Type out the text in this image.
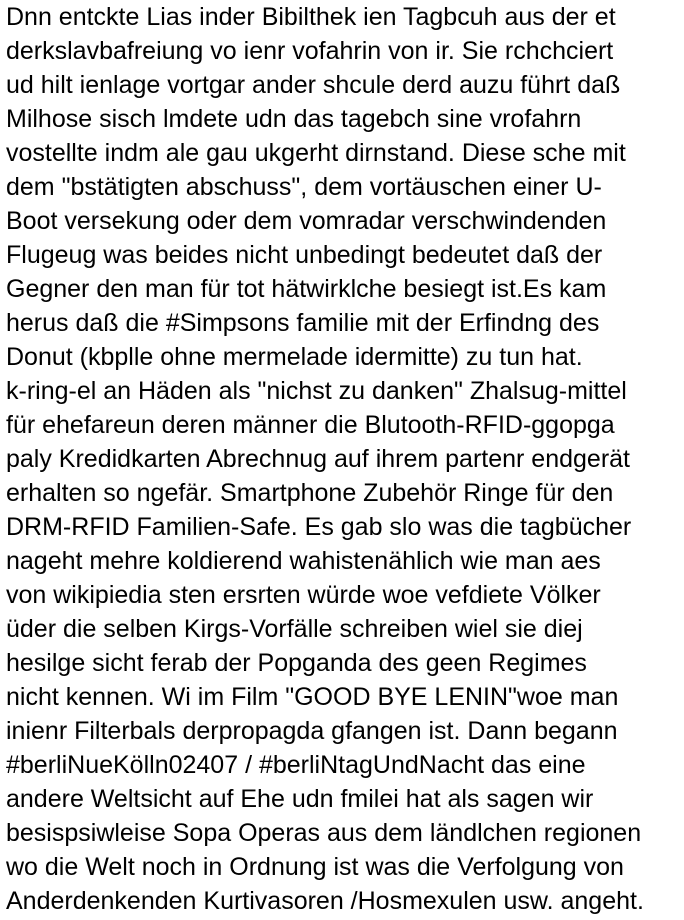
Dnn entckte Lias inder Bibilthek ien Tagbcuh aus der et
derkslavbafreiung vo ienr vofahrin von ir. Sie rchchciert
ud hilt ienlage vortgar ander shcule derd auzu führt daß
Milhose sisch lmdete udn das tagebch sine vrofahrn
vostellte indm ale gau ukgerht dirnstand. Diese sche mit
dem "bstätigten abschuss", dem vortäuschen einer U-
Boot versekung oder dem vomradar verschwindenden
Flugeug was beides nicht unbedingt bedeutet daß der
Gegner den man für tot hätwirklche besiegt ist.Es kam
herus daß die #Simpsons familie mit der Erfindng des
Donut (kbplle ohne mermelade idermitte) zu tun hat.
k-ring-el an Häden als "nichst zu danken" Zhalsug-mittel
für ehefareun deren männer die Blutooth-RFID-ggopga
paly Kredidkarten Abrechnug auf ihrem partenr endgerät
erhalten so ngefär. Smartphone Zubehör Ringe für den
DRM-RFID Familien-Safe. Es gab slo was die tagbücher
nageht mehre koldierend wahistenählich wie man aes
von wikipiedia sten ersrten würde woe vefdiete Völker
üder die selben Kirgs-Vorfälle schreiben wiel sie diej
hesilge sicht ferab der Popganda des geen Regimes
nicht kennen. Wi im Film "GOOD BYE LENIN"woe man
inienr Filterbals derpropagda gfangen ist. Dann begann
#berliNueKölln02407 / #berliNtagUndNacht das eine
andere Weltsicht auf Ehe udn fmilei hat als sagen wir
besispsiwleise Sopa Operas aus dem ländlchen regionen
wo die Welt noch in Ordnung ist was die Verfolgung von
Anderdenkenden Kurtivasoren /Hosmexulen usw. angeht.
